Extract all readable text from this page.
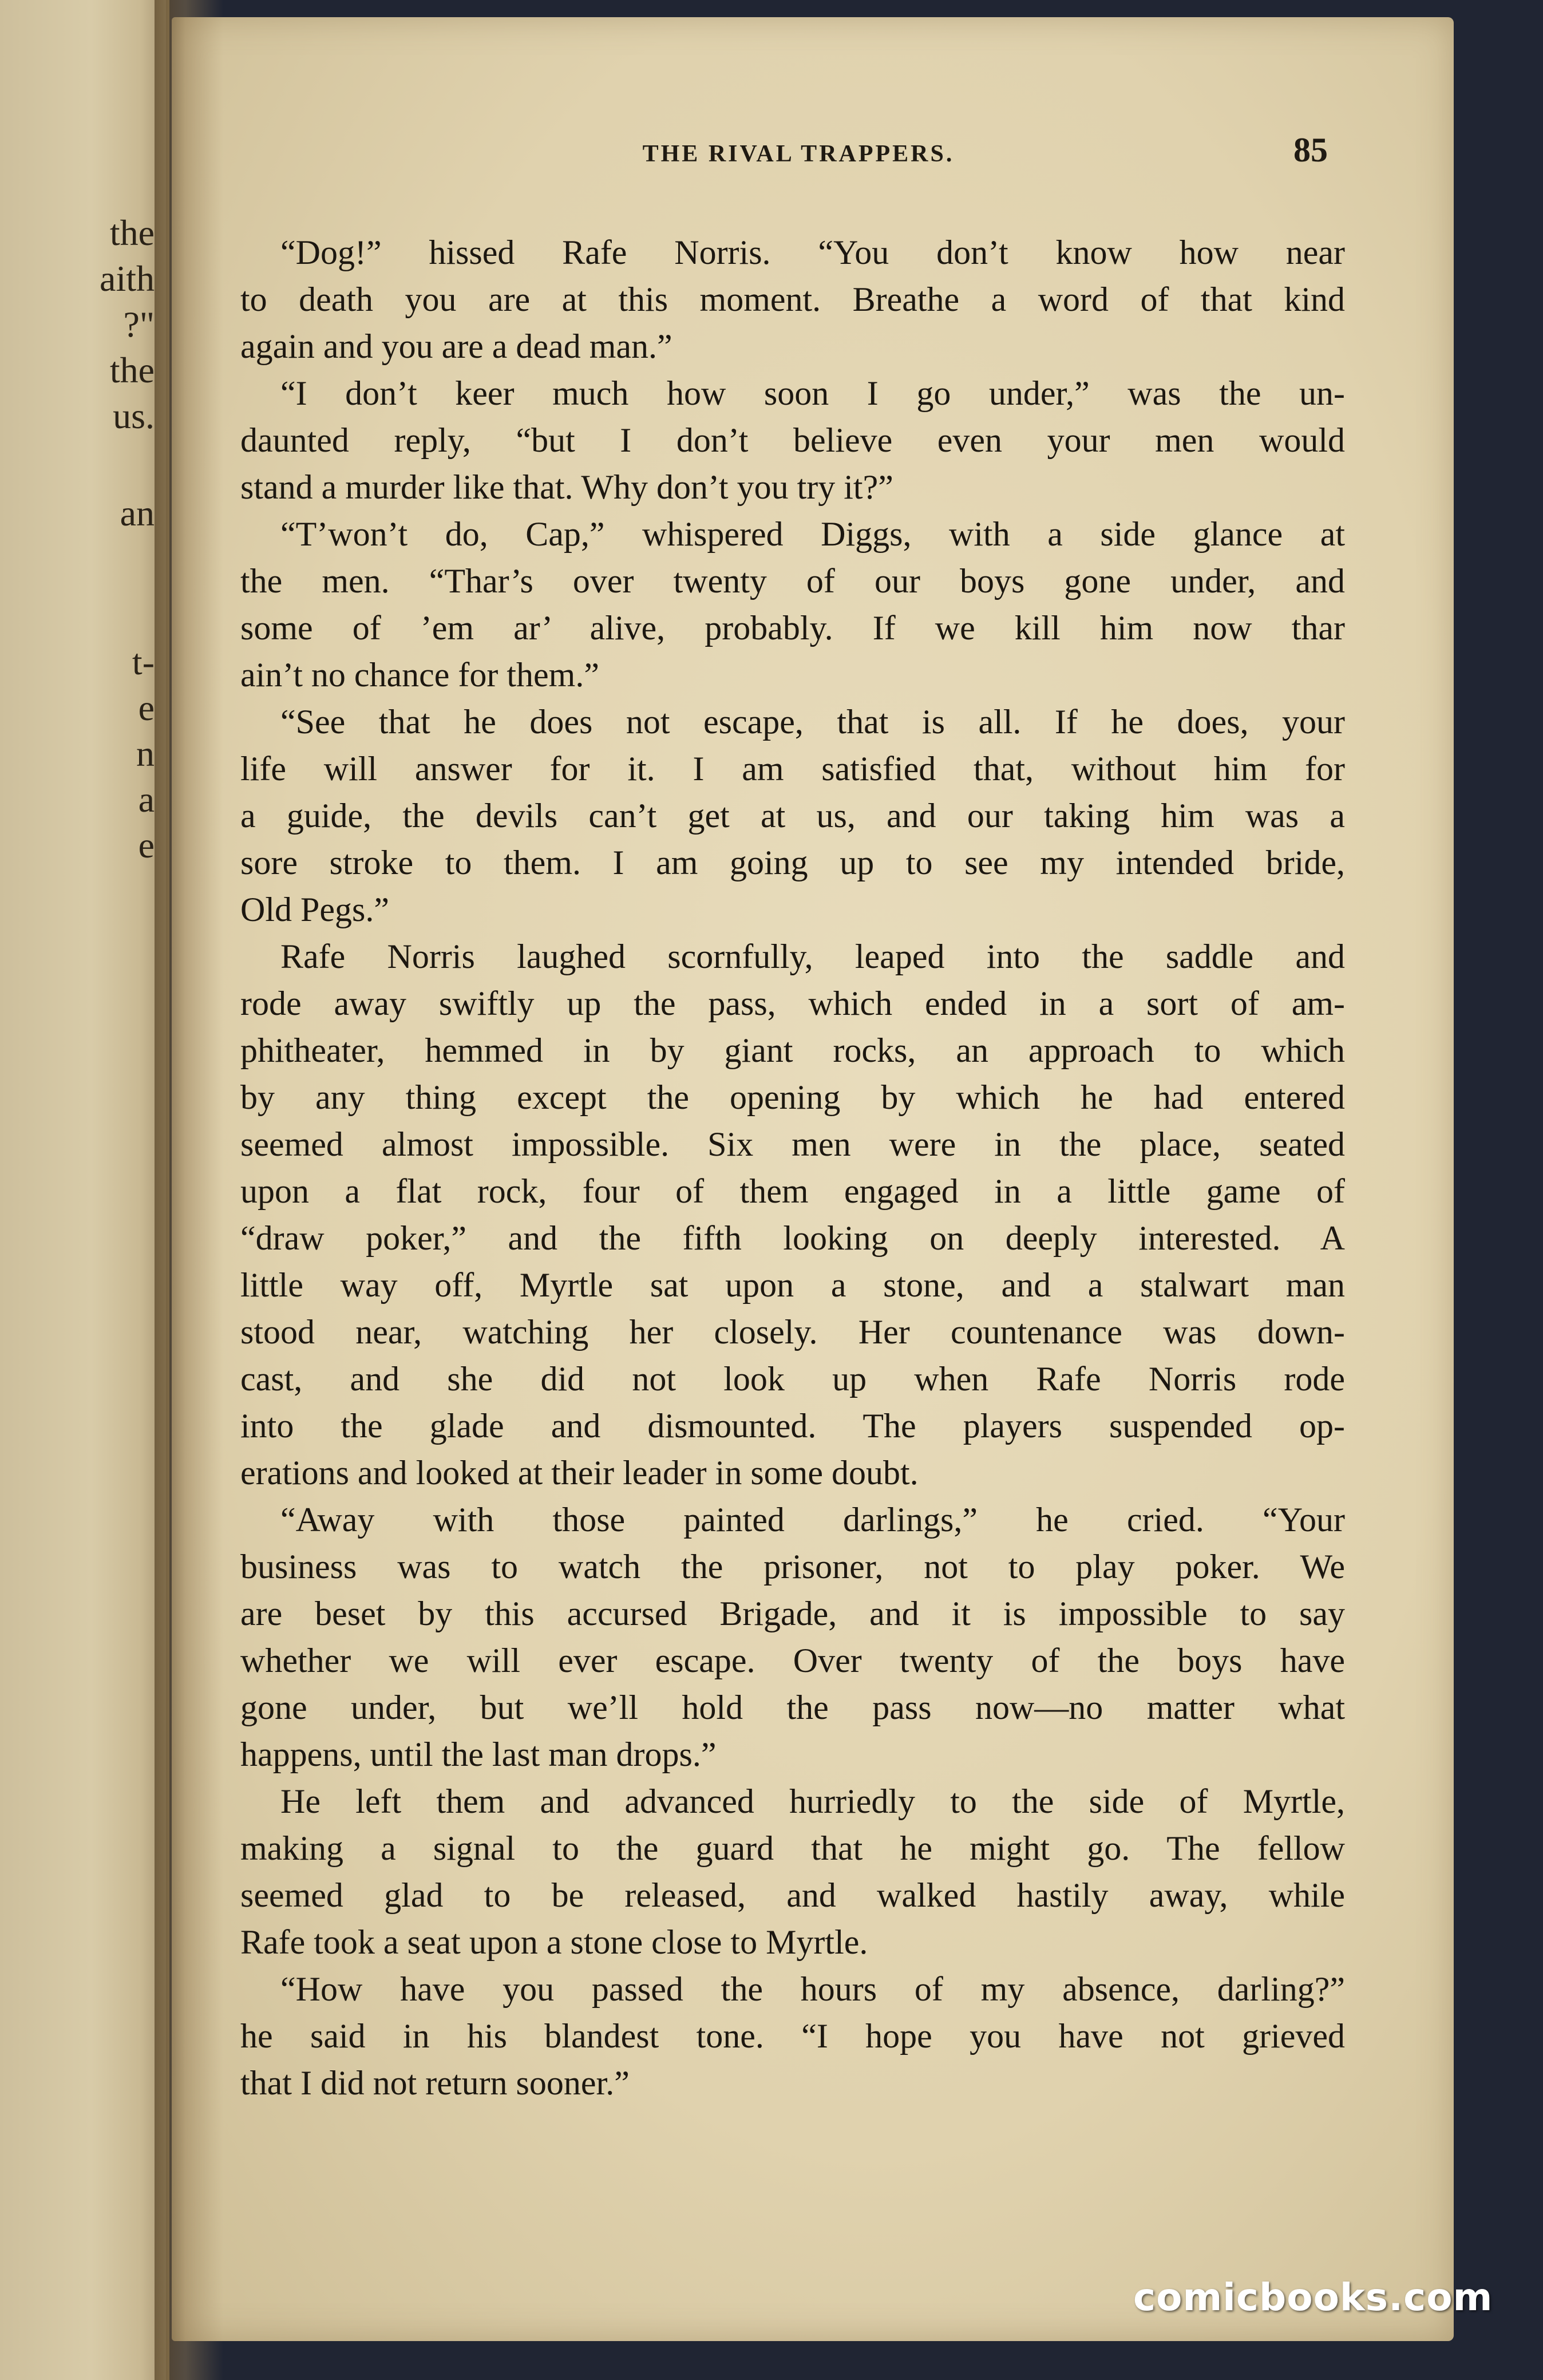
the
aith
?"
the
us.
an
t-
e
n
a
e
THE RIVAL TRAPPERS.	85
“Dog!” hissed Rafe Norris. “You don’t know how near
to death you are at this moment. Breathe a word of that kind
again and you are a dead man.”
“I don’t keer much how soon I go under,” was the un-
daunted reply, “but I don’t believe even your men would
stand a murder like that. Why don’t you try it?”
“T’won’t do, Cap,” whispered Diggs, with a side glance at
the men. “Thar’s over twenty of our boys gone under, and
some of ’em ar’ alive, probably. If we kill him now thar
ain’t no chance for them.”
“See that he does not escape, that is all. If he does, your
life will answer for it. I am satisfied that, without him for
a guide, the devils can’t get at us, and our taking him was a
sore stroke to them. I am going up to see my intended bride,
Old Pegs.”
Rafe Norris laughed scornfully, leaped into the saddle and
rode away swiftly up the pass, which ended in a sort of am-
phitheater, hemmed in by giant rocks, an approach to which
by any thing except the opening by which he had entered
seemed almost impossible. Six men were in the place, seated
upon a flat rock, four of them engaged in a little game of
“draw poker,” and the fifth looking on deeply interested. A
little way off, Myrtle sat upon a stone, and a stalwart man
stood near, watching her closely. Her countenance was down-
cast, and she did not look up when Rafe Norris rode
into the glade and dismounted. The players suspended op-
erations and looked at their leader in some doubt.
“Away with those painted darlings,” he cried. “Your
business was to watch the prisoner, not to play poker. We
are beset by this accursed Brigade, and it is impossible to say
whether we will ever escape. Over twenty of the boys have
gone under, but we’ll hold the pass now—no matter what
happens, until the last man drops.”
He left them and advanced hurriedly to the side of Myrtle,
making a signal to the guard that he might go. The fellow
seemed glad to be released, and walked hastily away, while
Rafe took a seat upon a stone close to Myrtle.
“How have you passed the hours of my absence, darling?”
he said in his blandest tone. “I hope you have not grieved
that I did not return sooner.”
comicbooks.com
